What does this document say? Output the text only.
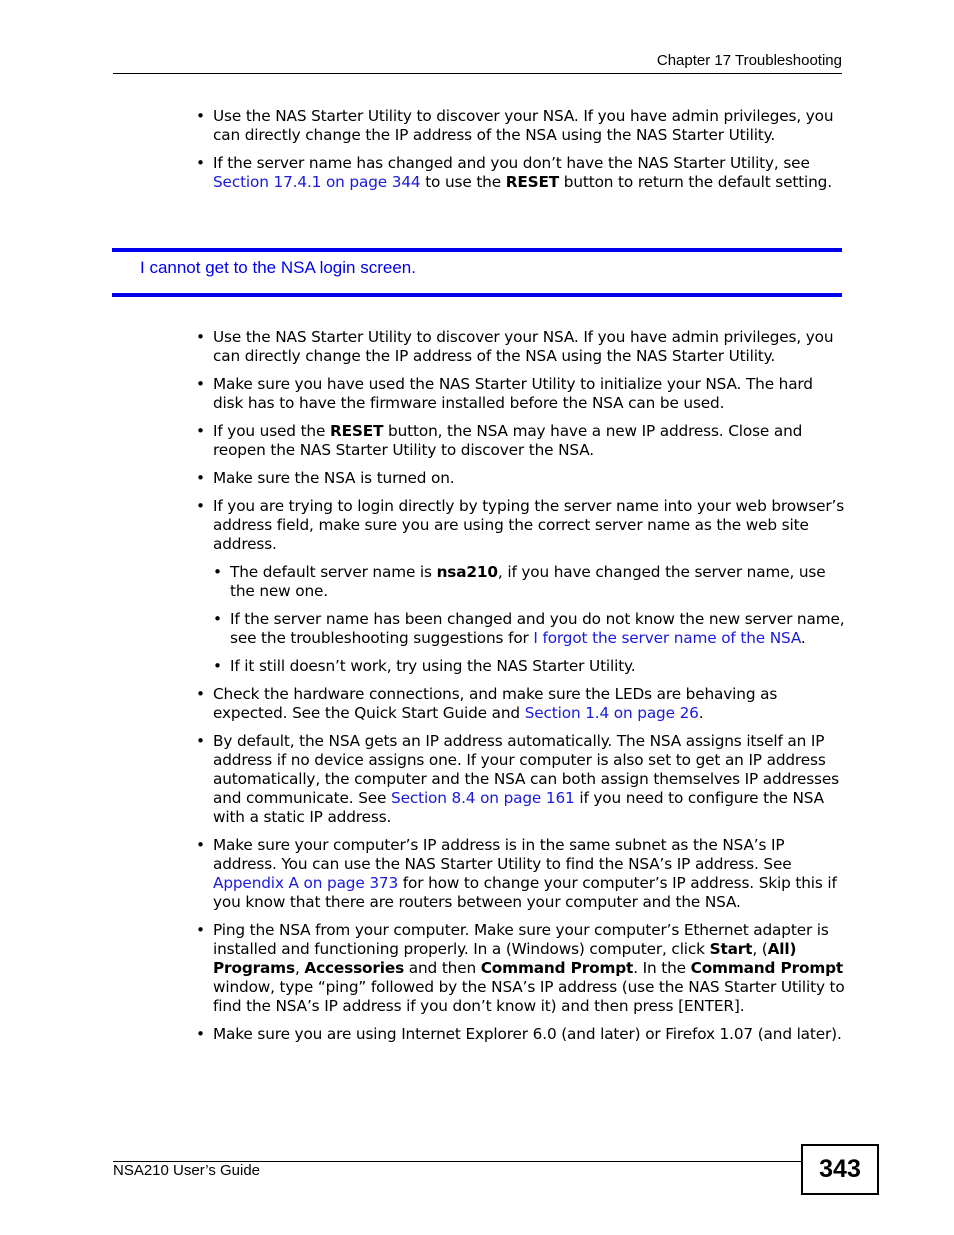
Chapter 17 Troubleshooting
• Use the NAS Starter Utility to discover your NSA. If you have admin privileges, you can directly change the IP address of the NSA using the NAS Starter Utility.
• If the server name has changed and you don’t have the NAS Starter Utility, see Section 17.4.1 on page 344 to use the RESET button to return the default setting.
I cannot get to the NSA login screen.
• Use the NAS Starter Utility to discover your NSA. If you have admin privileges, you can directly change the IP address of the NSA using the NAS Starter Utility.
• Make sure you have used the NAS Starter Utility to initialize your NSA. The hard disk has to have the firmware installed before the NSA can be used.
• If you used the RESET button, the NSA may have a new IP address. Close and reopen the NAS Starter Utility to discover the NSA.
• Make sure the NSA is turned on.
• If you are trying to login directly by typing the server name into your web browser’s address field, make sure you are using the correct server name as the web site address.
• The default server name is nsa210, if you have changed the server name, use the new one.
• If the server name has been changed and you do not know the new server name, see the troubleshooting suggestions for I forgot the server name of the NSA.
• If it still doesn’t work, try using the NAS Starter Utility.
• Check the hardware connections, and make sure the LEDs are behaving as expected. See the Quick Start Guide and Section 1.4 on page 26.
• By default, the NSA gets an IP address automatically. The NSA assigns itself an IP address if no device assigns one. If your computer is also set to get an IP address automatically, the computer and the NSA can both assign themselves IP addresses and communicate. See Section 8.4 on page 161 if you need to configure the NSA with a static IP address.
• Make sure your computer’s IP address is in the same subnet as the NSA’s IP address. You can use the NAS Starter Utility to find the NSA’s IP address. See Appendix A on page 373 for how to change your computer’s IP address. Skip this if you know that there are routers between your computer and the NSA.
• Ping the NSA from your computer. Make sure your computer’s Ethernet adapter is installed and functioning properly. In a (Windows) computer, click Start, (All) Programs, Accessories and then Command Prompt. In the Command Prompt window, type “ping” followed by the NSA’s IP address (use the NAS Starter Utility to find the NSA’s IP address if you don’t know it) and then press [ENTER].
• Make sure you are using Internet Explorer 6.0 (and later) or Firefox 1.07 (and later).
NSA210 User’s Guide	343
